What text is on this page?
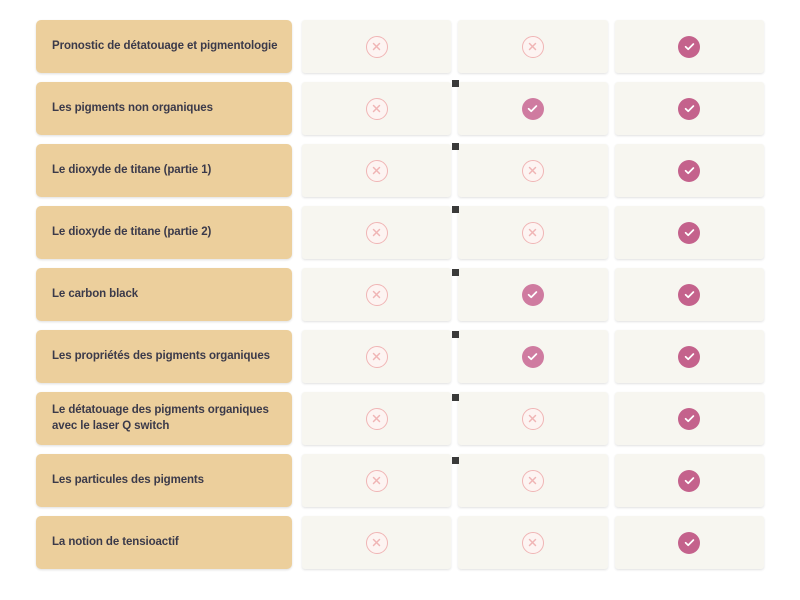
Pronostic de détatouage et pigmentologie
Les pigments non organiques
Le dioxyde de titane (partie 1)
Le dioxyde de titane (partie 2)
Le carbon black
Les propriétés des pigments organiques
Le détatouage des pigments organiques avec le laser Q switch
Les particules des pigments
La notion de tensioactif
